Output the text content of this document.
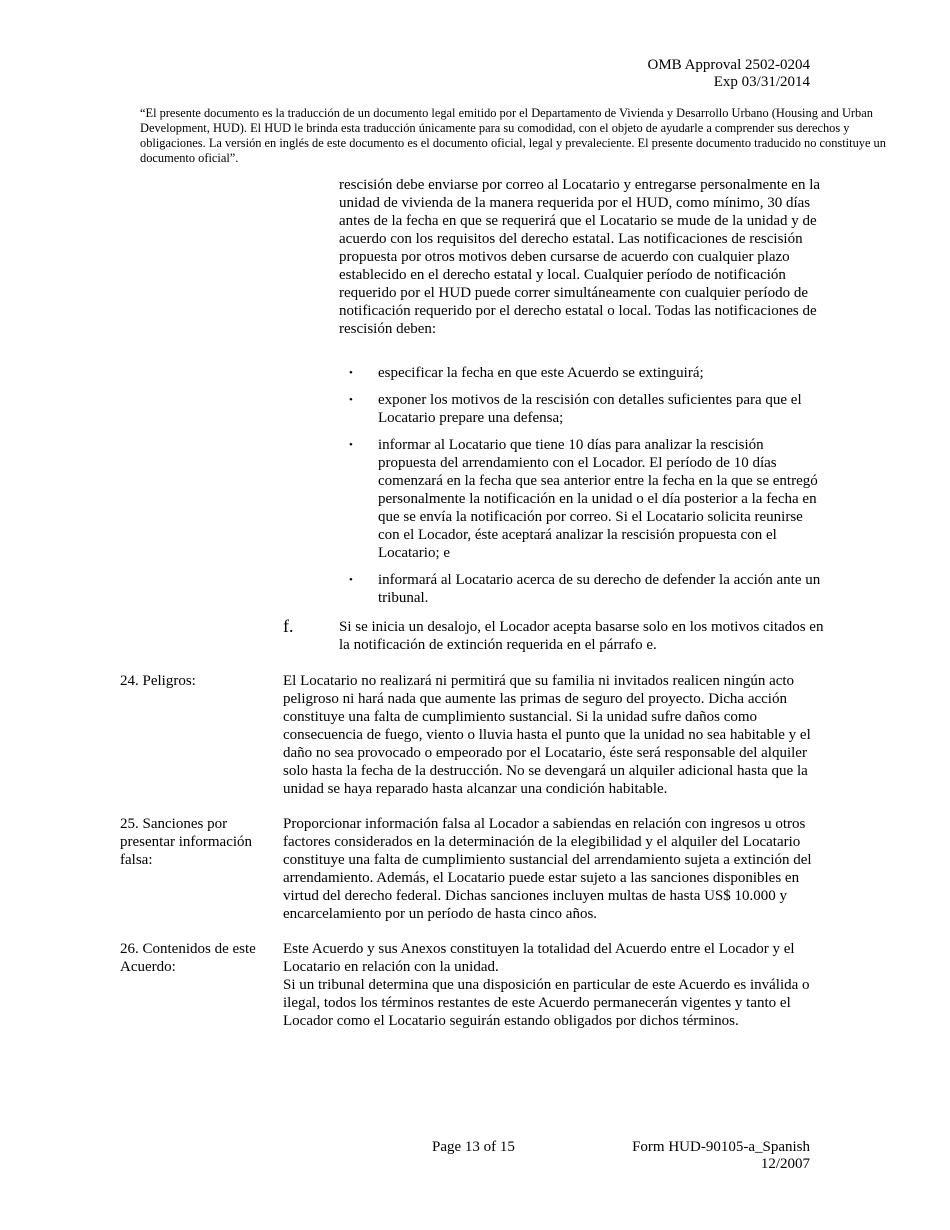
OMB Approval 2502-0204
Exp 03/31/2014

“El presente documento es la traducción de un documento legal emitido por el Departamento de Vivienda y Desarrollo Urbano (Housing and Urban Development, HUD). El HUD le brinda esta traducción únicamente para su comodidad, con el objeto de ayudarle a comprender sus derechos y obligaciones. La versión en inglés de este documento es el documento oficial, legal y prevaleciente. El presente documento traducido no constituye un documento oficial”.

rescisión debe enviarse por correo al Locatario y entregarse personalmente en la unidad de vivienda de la manera requerida por el HUD, como mínimo, 30 días antes de la fecha en que se requerirá que el Locatario se mude de la unidad y de acuerdo con los requisitos del derecho estatal. Las notificaciones de rescisión propuesta por otros motivos deben cursarse de acuerdo con cualquier plazo establecido en el derecho estatal y local. Cualquier período de notificación requerido por el HUD puede correr simultáneamente con cualquier período de notificación requerido por el derecho estatal o local. Todas las notificaciones de rescisión deben:

• especificar la fecha en que este Acuerdo se extinguirá;
• exponer los motivos de la rescisión con detalles suficientes para que el Locatario prepare una defensa;
• informar al Locatario que tiene 10 días para analizar la rescisión propuesta del arrendamiento con el Locador. El período de 10 días comenzará en la fecha que sea anterior entre la fecha en la que se entregó personalmente la notificación en la unidad o el día posterior a la fecha en que se envía la notificación por correo. Si el Locatario solicita reunirse con el Locador, éste aceptará analizar la rescisión propuesta con el Locatario; e
• informará al Locatario acerca de su derecho de defender la acción ante un tribunal.
f.	Si se inicia un desalojo, el Locador acepta basarse solo en los motivos citados en la notificación de extinción requerida en el párrafo e.

24. Peligros:	El Locatario no realizará ni permitirá que su familia ni invitados realicen ningún acto peligroso ni hará nada que aumente las primas de seguro del proyecto. Dicha acción constituye una falta de cumplimiento sustancial. Si la unidad sufre daños como consecuencia de fuego, viento o lluvia hasta el punto que la unidad no sea habitable y el daño no sea provocado o empeorado por el Locatario, éste será responsable del alquiler solo hasta la fecha de la destrucción. No se devengará un alquiler adicional hasta que la unidad se haya reparado hasta alcanzar una condición habitable.

25. Sanciones por presentar información falsa:

Proporcionar información falsa al Locador a sabiendas en relación con ingresos u otros factores considerados en la determinación de la elegibilidad y el alquiler del Locatario constituye una falta de cumplimiento sustancial del arrendamiento sujeta a extinción del arrendamiento. Además, el Locatario puede estar sujeto a las sanciones disponibles en virtud del derecho federal. Dichas sanciones incluyen multas de hasta US$ 10.000 y encarcelamiento por un período de hasta cinco años.

26. Contenidos de este Acuerdo:

Este Acuerdo y sus Anexos constituyen la totalidad del Acuerdo entre el Locador y el Locatario en relación con la unidad.

Si un tribunal determina que una disposición en particular de este Acuerdo es inválida o ilegal, todos los términos restantes de este Acuerdo permanecerán vigentes y tanto el Locador como el Locatario seguirán estando obligados por dichos términos.

Page 13 of 15	Form HUD-90105-a_Spanish
12/2007
